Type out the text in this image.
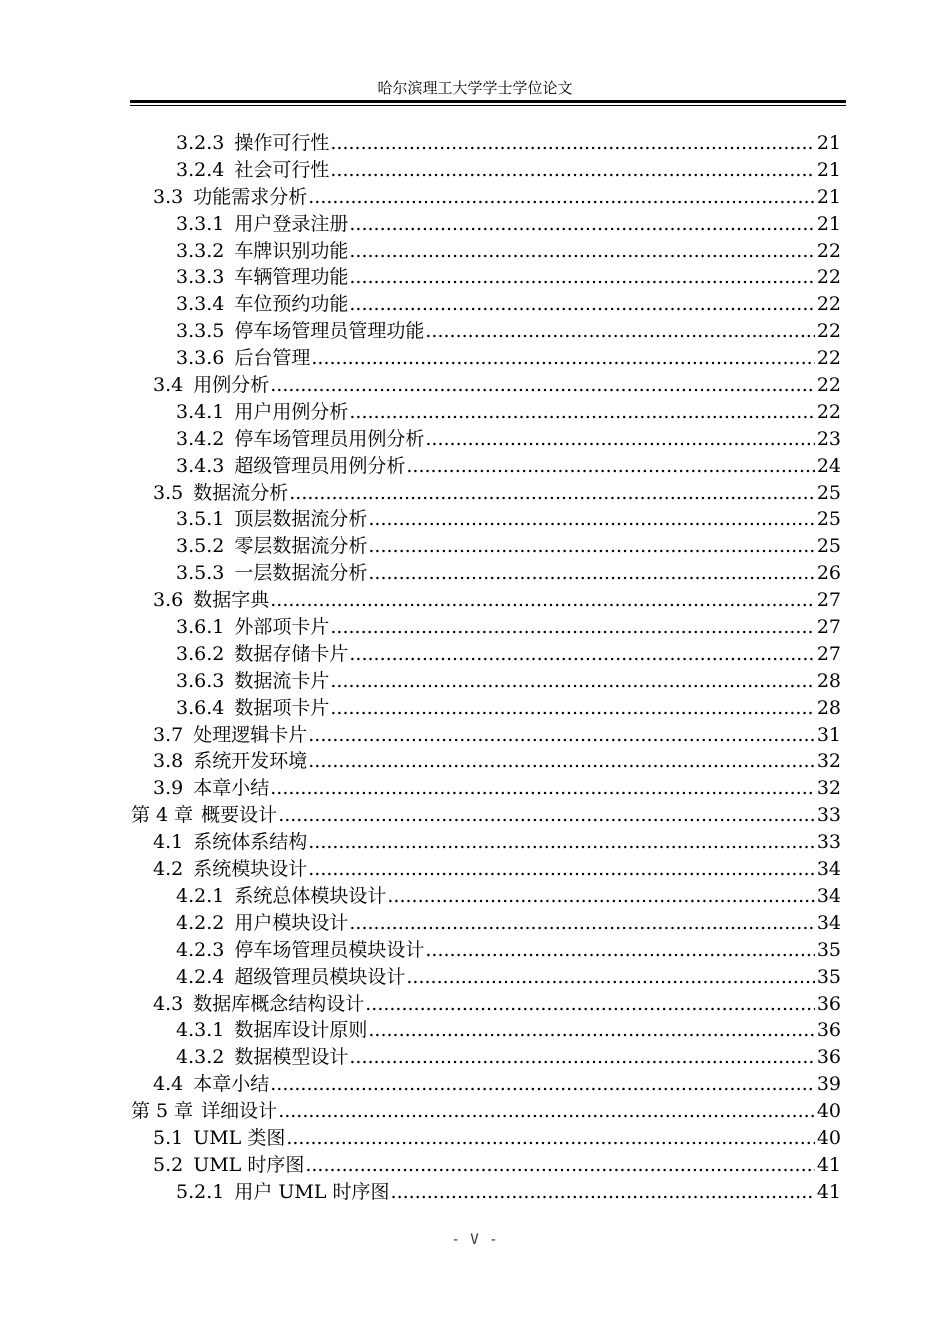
哈尔滨理工大学学士学位论文
3.2.3 操作可行性 .....	21
3.2.4 社会可行性 .....	21
3.3 功能需求分析 .....	21
3.3.1 用户登录注册 .....	21
3.3.2 车牌识别功能 .....	22
3.3.3 车辆管理功能 .....	22
3.3.4 车位预约功能 .....	22
3.3.5 停车场管理员管理功能 .....	22
3.3.6 后台管理 .....	22
3.4 用例分析 .....	22
3.4.1 用户用例分析 .....	22
3.4.2 停车场管理员用例分析 .....	23
3.4.3 超级管理员用例分析 .....	24
3.5 数据流分析 .....	25
3.5.1 顶层数据流分析 .....	25
3.5.2 零层数据流分析 .....	25
3.5.3 一层数据流分析 .....	26
3.6 数据字典 .....	27
3.6.1 外部项卡片 .....	27
3.6.2 数据存储卡片 .....	27
3.6.3 数据流卡片 .....	28
3.6.4 数据项卡片 .....	28
3.7 处理逻辑卡片 .....	31
3.8 系统开发环境 .....	32
3.9 本章小结 .....	32
第 4 章 概要设计 .....	33
4.1 系统体系结构 .....	33
4.2 系统模块设计 .....	34
4.2.1 系统总体模块设计 .....	34
4.2.2 用户模块设计 .....	34
4.2.3 停车场管理员模块设计 .....	35
4.2.4 超级管理员模块设计 .....	35
4.3 数据库概念结构设计 .....	36
4.3.1 数据库设计原则 .....	36
4.3.2 数据模型设计 .....	36
4.4 本章小结 .....	39
第 5 章 详细设计 .....	40
5.1 UML 类图 .....	40
5.2 UML 时序图 .....	41
5.2.1 用户 UML 时序图 .....	41
- V -
